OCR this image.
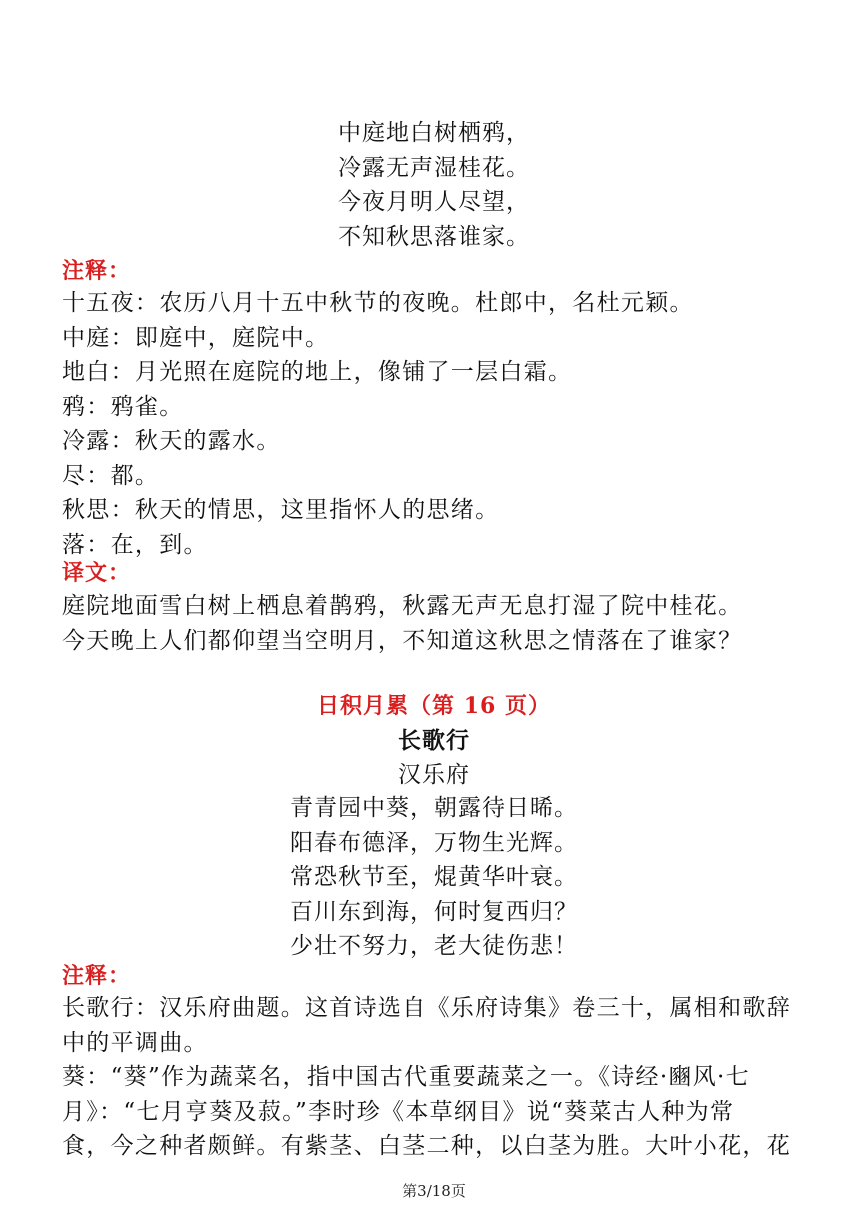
中庭地白树栖鸦，
冷露无声湿桂花。
今夜月明人尽望，
不知秋思落谁家。
注释：
十五夜：农历八月十五中秋节的夜晚。杜郎中，名杜元颖。
中庭：即庭中，庭院中。
地白：月光照在庭院的地上，像铺了一层白霜。
鸦：鸦雀。
冷露：秋天的露水。
尽：都。
秋思：秋天的情思，这里指怀人的思绪。
落：在，到。
译文：
庭院地面雪白树上栖息着鹊鸦，秋露无声无息打湿了院中桂花。
今天晚上人们都仰望当空明月，不知道这秋思之情落在了谁家？
日积月累（第 16 页）
长歌行
汉乐府
青青园中葵，朝露待日晞。
阳春布德泽，万物生光辉。
常恐秋节至，焜黄华叶衰。
百川东到海，何时复西归？
少壮不努力，老大徒伤悲！
注释：
长歌行：汉乐府曲题。这首诗选自《乐府诗集》卷三十，属相和歌辞
中的平调曲。
葵：“葵”作为蔬菜名，指中国古代重要蔬菜之一。《诗经·豳风·七
月》：“七月亨葵及菽。”李时珍《本草纲目》说“葵菜古人种为常
食，今之种者颇鲜。有紫茎、白茎二种，以白茎为胜。大叶小花，花
第3/18页
